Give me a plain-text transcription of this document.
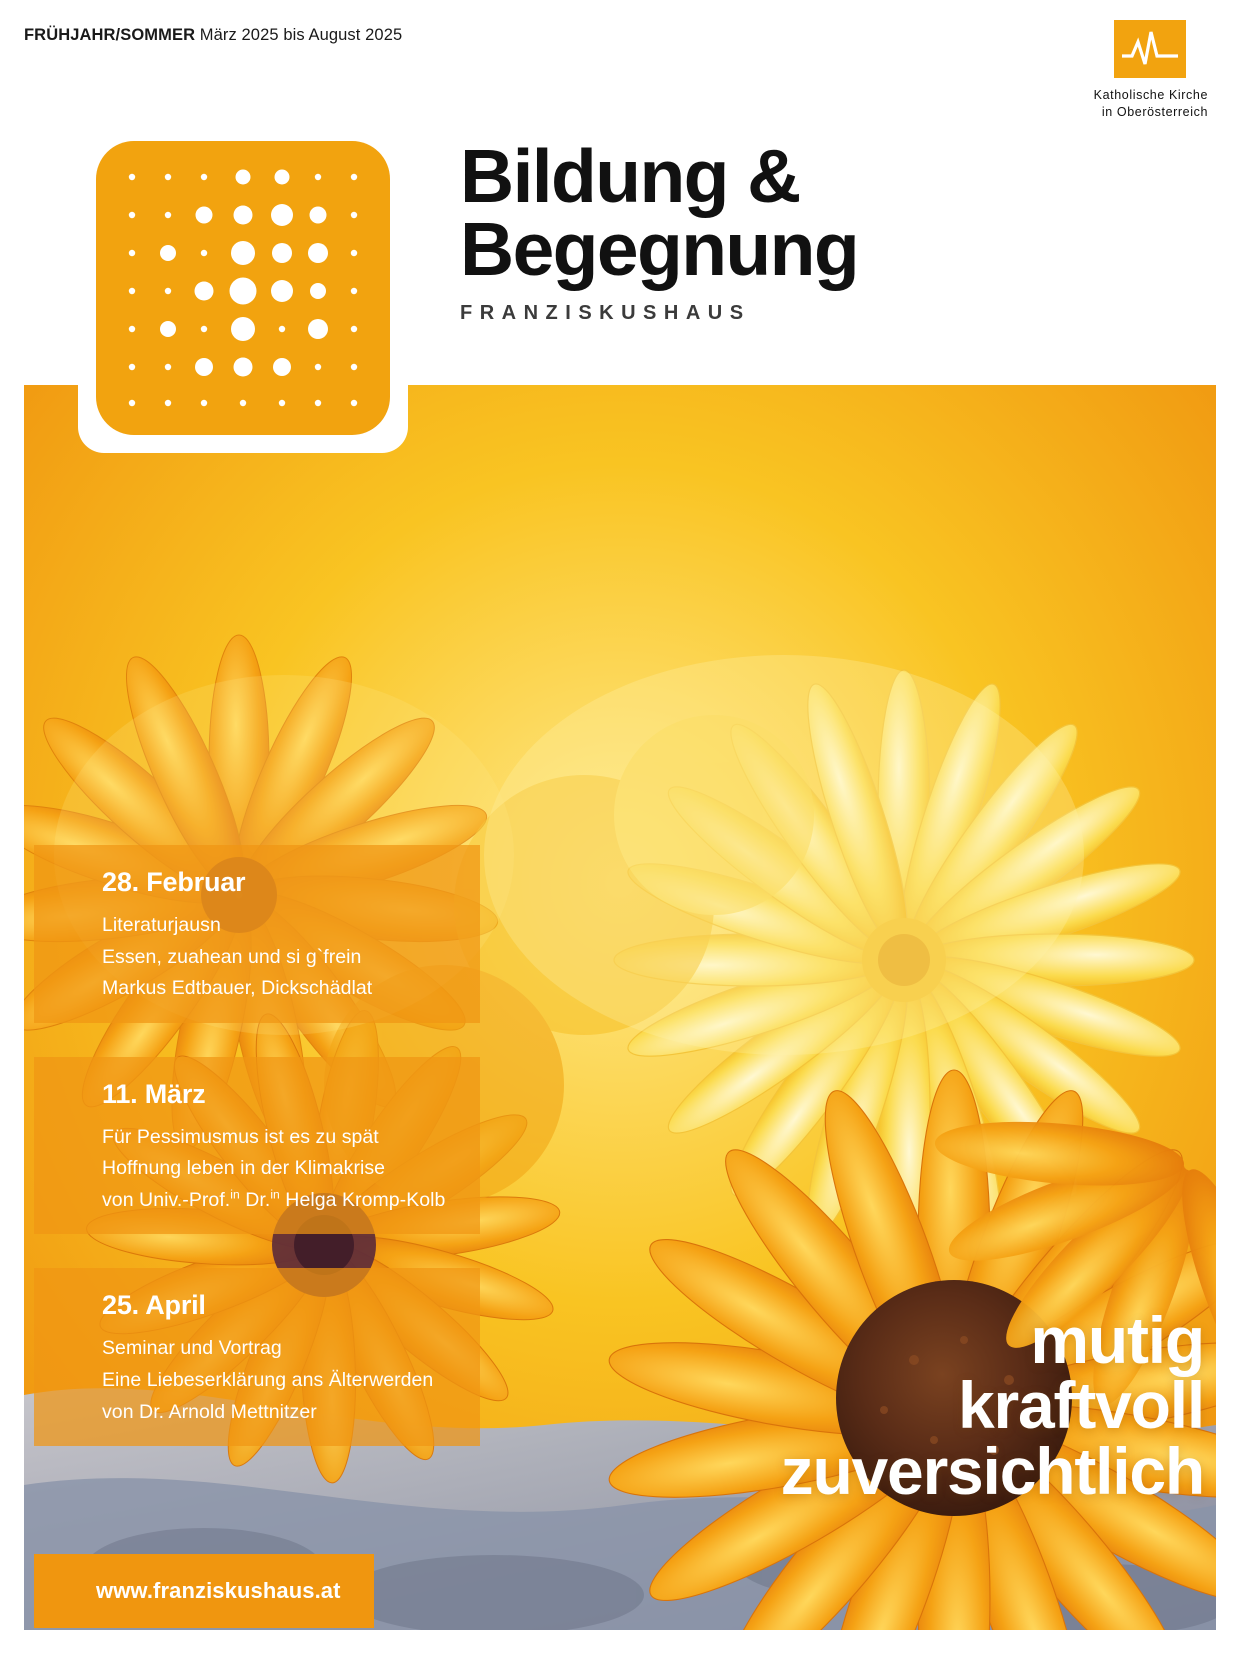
FRÜHJAHR/SOMMER März 2025 bis August 2025
Katholische Kirche
in Oberösterreich
Bildung &
Begegnung
FRANZISKUSHAUS
28. Februar
Literaturjausn
Essen, zuahean und si g`frein
Markus Edtbauer, Dickschädlat
11. März
Für Pessimusmus ist es zu spät
Hoffnung leben in der Klimakrise
von Univ.-Prof.$^{in}$ Dr.$^{in}$ Helga Kromp-Kolb
25. April
Seminar und Vortrag
Eine Liebeserklärung ans Älterwerden
von Dr. Arnold Mettnitzer
mutig
kraftvoll
zuversichtlich
www.franziskushaus.at
